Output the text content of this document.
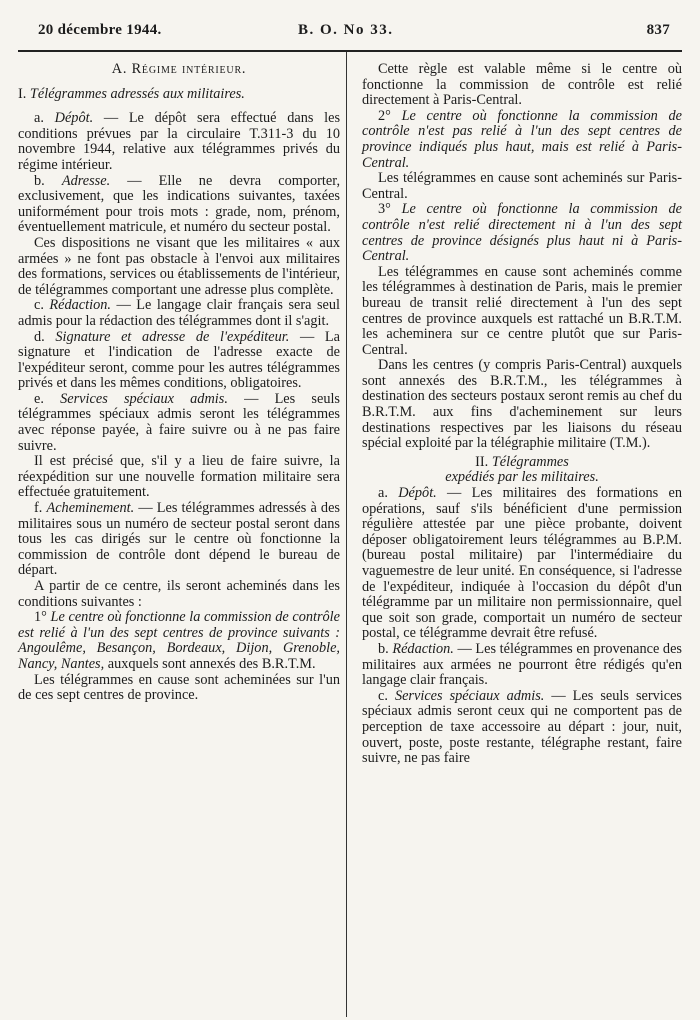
20 décembre 1944.	B. O. No 33.	837

A. Régime intérieur.

I. Télégrammes adressés aux militaires.

a. Dépôt. — Le dépôt sera effectué dans les conditions prévues par la circulaire T.311-3 du 10 novembre 1944, relative aux télégrammes privés du régime intérieur.

b. Adresse. — Elle ne devra comporter, exclusivement, que les indications suivantes, taxées uniformément pour trois mots : grade, nom, prénom, éventuellement matricule, et numéro du secteur postal.

Ces dispositions ne visant que les militaires « aux armées » ne font pas obstacle à l'envoi aux militaires des formations, services ou établissements de l'intérieur, de télégrammes comportant une adresse plus complète.

c. Rédaction. — Le langage clair français sera seul admis pour la rédaction des télégrammes dont il s'agit.

d. Signature et adresse de l'expéditeur. — La signature et l'indication de l'adresse exacte de l'expéditeur seront, comme pour les autres télégrammes privés et dans les mêmes conditions, obligatoires.

e. Services spéciaux admis. — Les seuls télégrammes spéciaux admis seront les télégrammes avec réponse payée, à faire suivre ou à ne pas faire suivre.

Il est précisé que, s'il y a lieu de faire suivre, la réexpédition sur une nouvelle formation militaire sera effectuée gratuitement.

f. Acheminement. — Les télégrammes adressés à des militaires sous un numéro de secteur postal seront dans tous les cas dirigés sur le centre où fonctionne la commission de contrôle dont dépend le bureau de départ.

A partir de ce centre, ils seront acheminés dans les conditions suivantes :

1° Le centre où fonctionne la commission de contrôle est relié à l'un des sept centres de province suivants : Angoulême, Besançon, Bordeaux, Dijon, Grenoble, Nancy, Nantes, auxquels sont annexés des B.R.T.M.

Les télégrammes en cause sont acheminées sur l'un de ces sept centres de province.

Cette règle est valable même si le centre où fonctionne la commission de contrôle est relié directement à Paris-Central.

2° Le centre où fonctionne la commission de contrôle n'est pas relié à l'un des sept centres de province indiqués plus haut, mais est relié à Paris-Central.

Les télégrammes en cause sont acheminés sur Paris-Central.

3° Le centre où fonctionne la commission de contrôle n'est relié directement ni à l'un des sept centres de province désignés plus haut ni à Paris-Central.

Les télégrammes en cause sont acheminés comme les télégrammes à destination de Paris, mais le premier bureau de transit relié directement à l'un des sept centres de province auxquels est rattaché un B.R.T.M. les acheminera sur ce centre plutôt que sur Paris-Central.

Dans les centres (y compris Paris-Central) auxquels sont annexés des B.R.T.M., les télégrammes à destination des secteurs postaux seront remis au chef du B.R.T.M. aux fins d'acheminement sur leurs destinations respectives par les liaisons du réseau spécial exploité par la télégraphie militaire (T.M.).

II. Télégrammes
expédiés par les militaires.

a. Dépôt. — Les militaires des formations en opérations, sauf s'ils bénéficient d'une permission régulière attestée par une pièce probante, doivent déposer obligatoirement leurs télégrammes au B.P.M. (bureau postal militaire) par l'intermédiaire du vaguemestre de leur unité. En conséquence, si l'adresse de l'expéditeur, indiquée à l'occasion du dépôt d'un télégramme par un militaire non permissionnaire, quel que soit son grade, comportait un numéro de secteur postal, ce télégramme devrait être refusé.

b. Rédaction. — Les télégrammes en provenance des militaires aux armées ne pourront être rédigés qu'en langage clair français.

c. Services spéciaux admis. — Les seuls services spéciaux admis seront ceux qui ne comportent pas de perception de taxe accessoire au départ : jour, nuit, ouvert, poste, poste restante, télégraphe restant, faire suivre, ne pas faire
